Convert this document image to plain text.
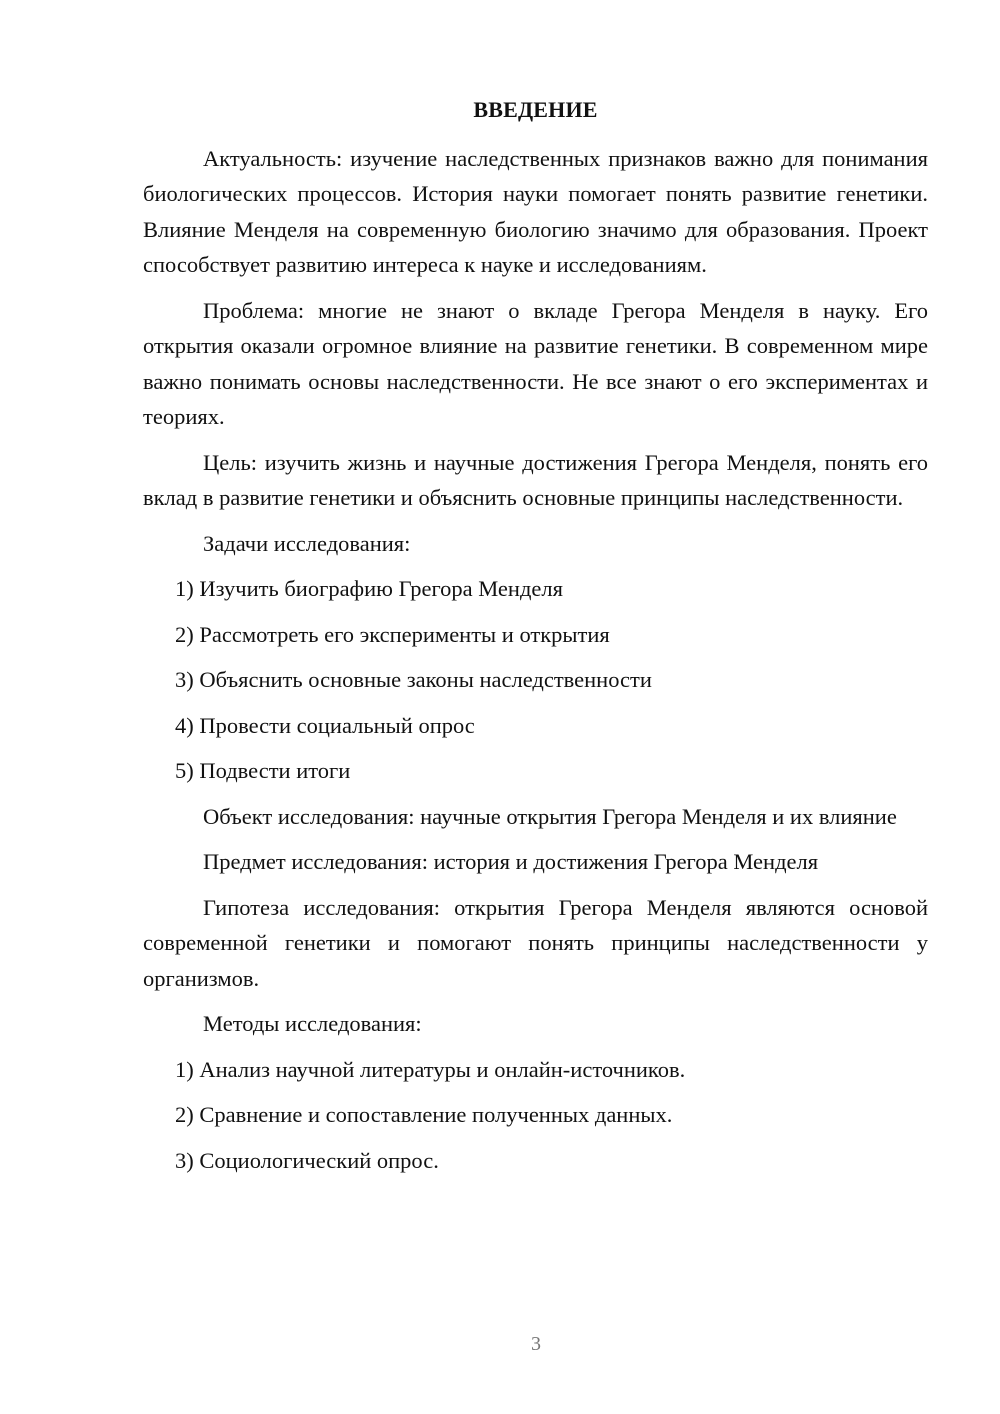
ВВЕДЕНИЕ

Актуальность: изучение наследственных признаков важно для понимания биологических процессов. История науки помогает понять развитие генетики. Влияние Менделя на современную биологию значимо для образования. Проект способствует развитию интереса к науке и исследованиям.

Проблема: многие не знают о вкладе Грегора Менделя в науку. Его открытия оказали огромное влияние на развитие генетики. В современном мире важно понимать основы наследственности. Не все знают о его экспериментах и теориях.

Цель: изучить жизнь и научные достижения Грегора Менделя, понять его вклад в развитие генетики и объяснить основные принципы наследственности.

Задачи исследования:
1) Изучить биографию Грегора Менделя
2) Рассмотреть его эксперименты и открытия
3) Объяснить основные законы наследственности
4) Провести социальный опрос
5) Подвести итоги

Объект исследования: научные открытия Грегора Менделя и их влияние

Предмет исследования: история и достижения Грегора Менделя

Гипотеза исследования: открытия Грегора Менделя являются основой современной генетики и помогают понять принципы наследственности у организмов.

Методы исследования:
1) Анализ научной литературы и онлайн-источников.
2) Сравнение и сопоставление полученных данных.
3) Социологический опрос.
3
